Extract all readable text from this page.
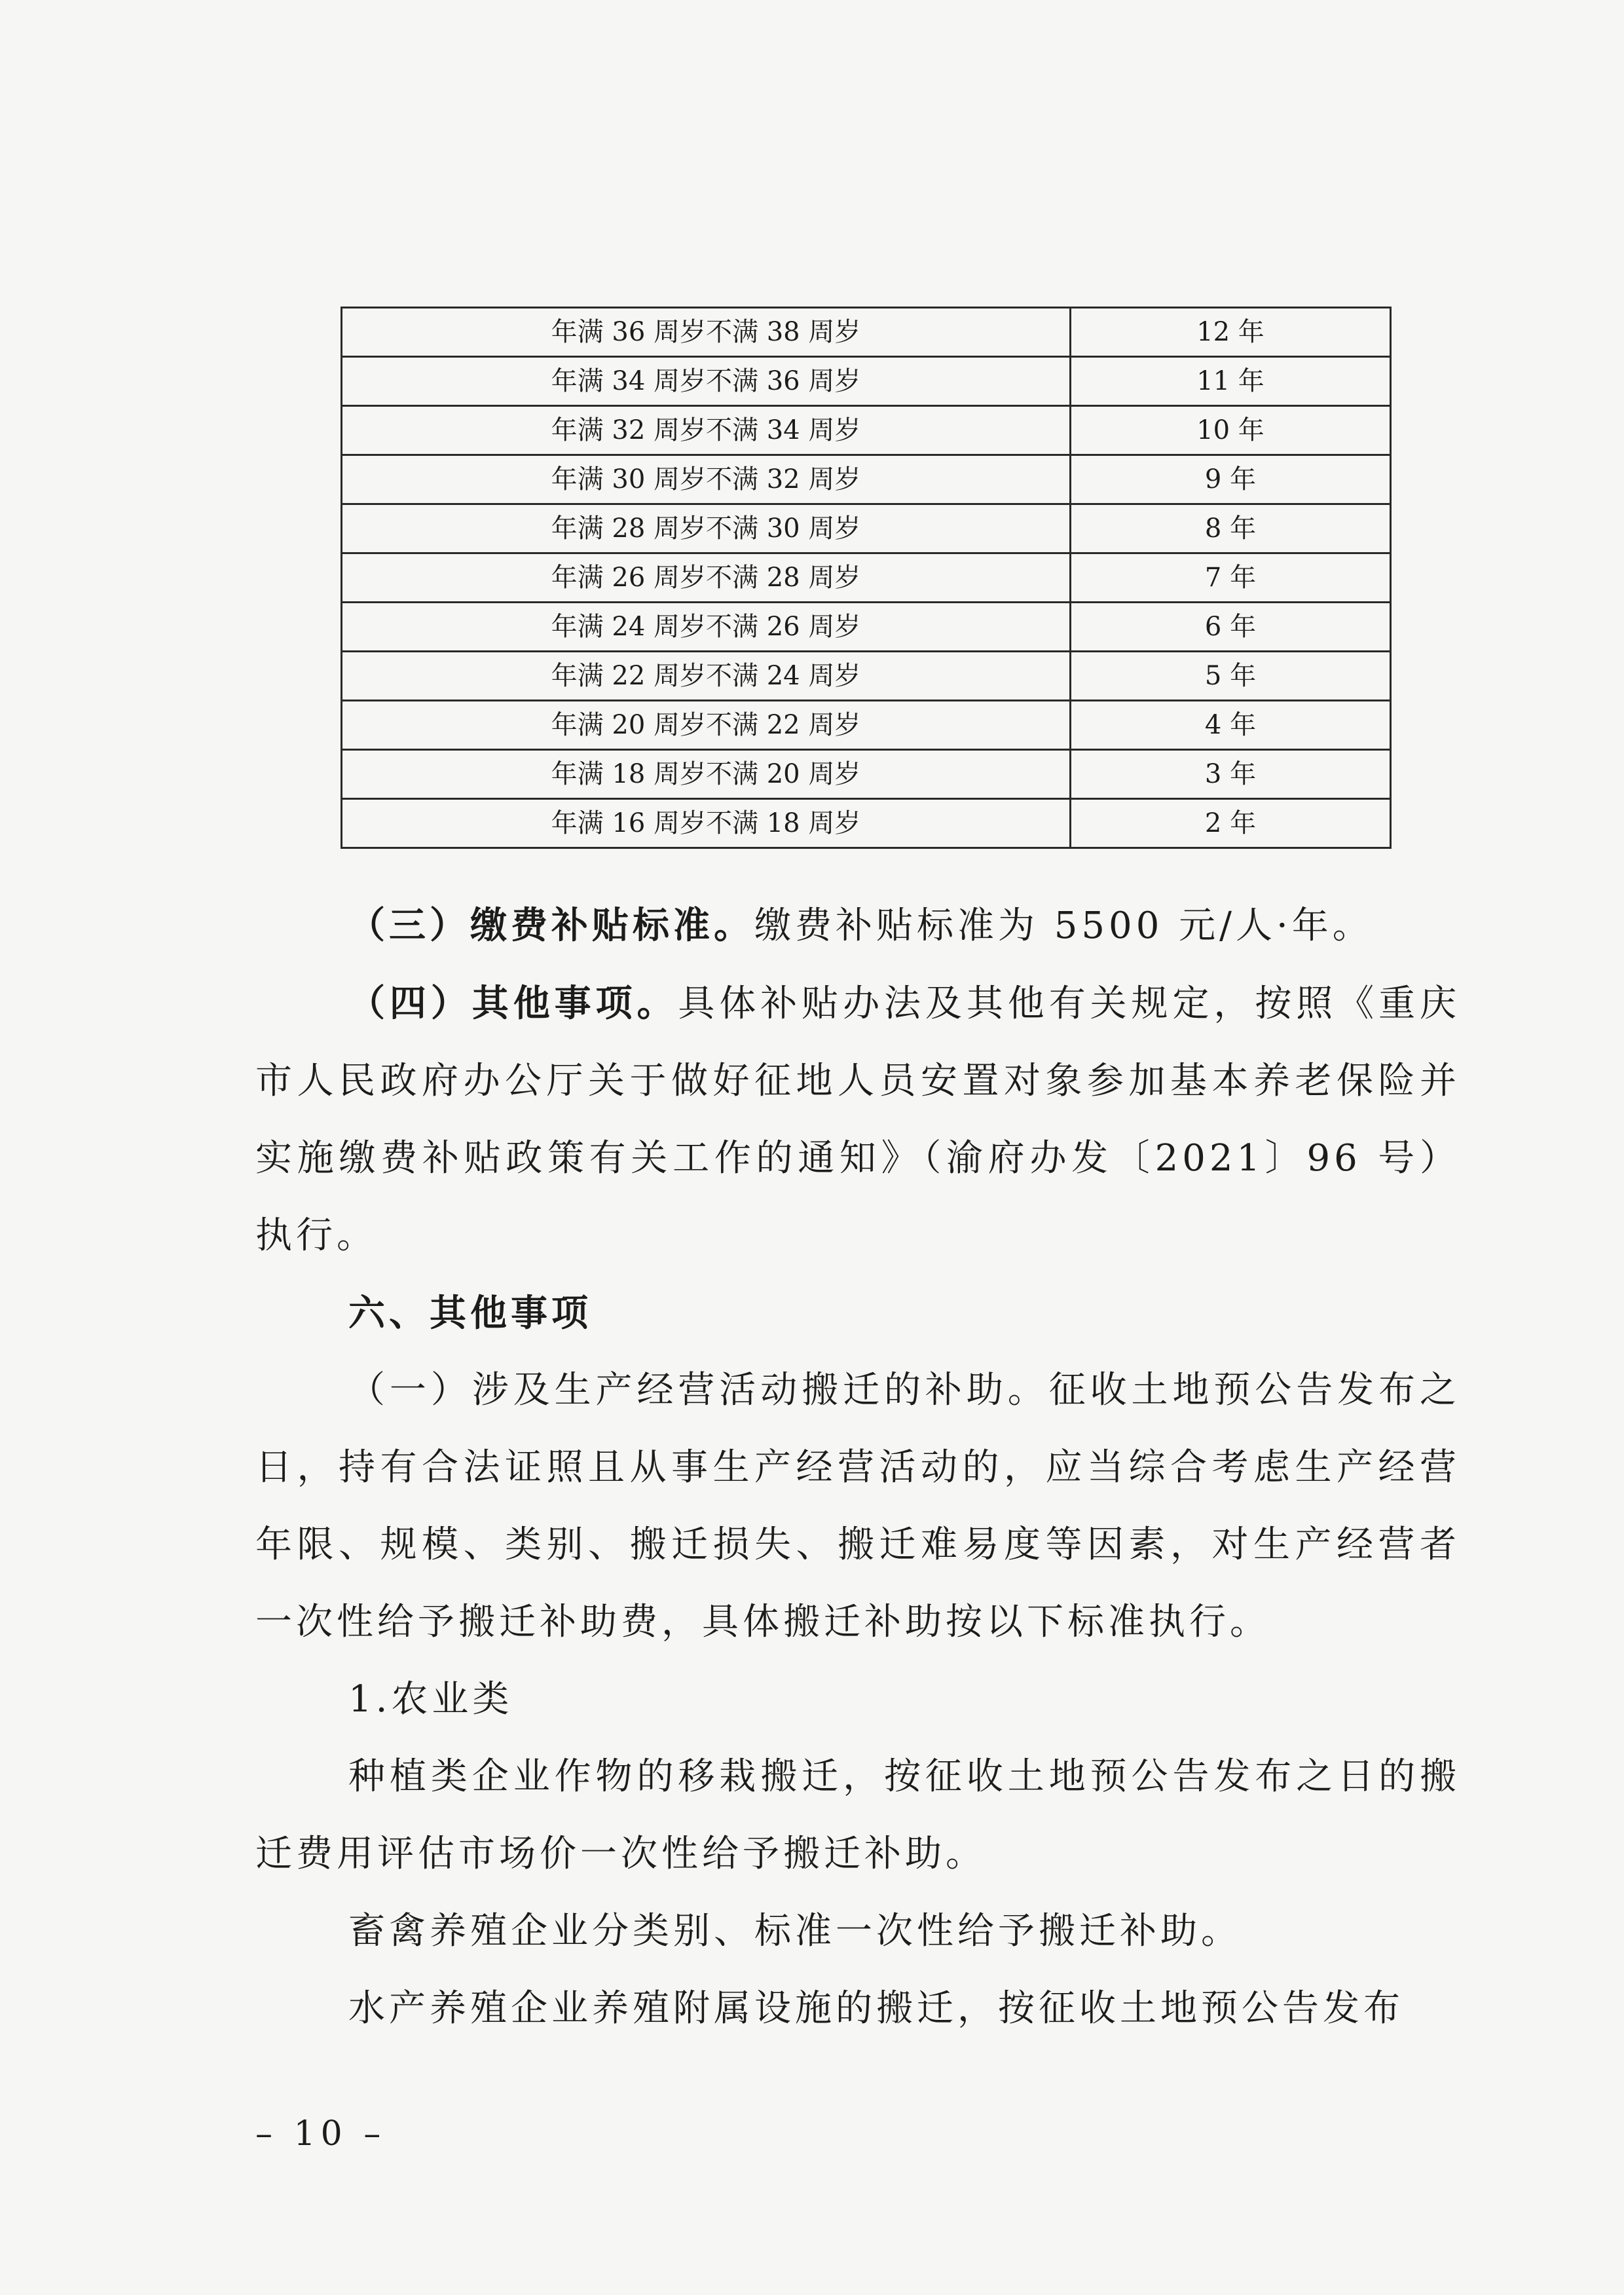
年满 36 周岁不满 38 周岁	12 年
年满 34 周岁不满 36 周岁	11 年
年满 32 周岁不满 34 周岁	10 年
年满 30 周岁不满 32 周岁	9 年
年满 28 周岁不满 30 周岁	8 年
年满 26 周岁不满 28 周岁	7 年
年满 24 周岁不满 26 周岁	6 年
年满 22 周岁不满 24 周岁	5 年
年满 20 周岁不满 22 周岁	4 年
年满 18 周岁不满 20 周岁	3 年
年满 16 周岁不满 18 周岁	2 年

（三）缴费补贴标准。缴费补贴标准为 5500 元/人·年。

（四）其他事项。具体补贴办法及其他有关规定，按照《重庆市人民政府办公厅关于做好征地人员安置对象参加基本养老保险并实施缴费补贴政策有关工作的通知》（渝府办发〔2021〕96 号）执行。

六、其他事项

（一）涉及生产经营活动搬迁的补助。征收土地预公告发布之日，持有合法证照且从事生产经营活动的，应当综合考虑生产经营年限、规模、类别、搬迁损失、搬迁难易度等因素，对生产经营者一次性给予搬迁补助费，具体搬迁补助按以下标准执行。

1.农业类

种植类企业作物的移栽搬迁，按征收土地预公告发布之日的搬迁费用评估市场价一次性给予搬迁补助。

畜禽养殖企业分类别、标准一次性给予搬迁补助。

水产养殖企业养殖附属设施的搬迁，按征收土地预公告发布

– 10 –
